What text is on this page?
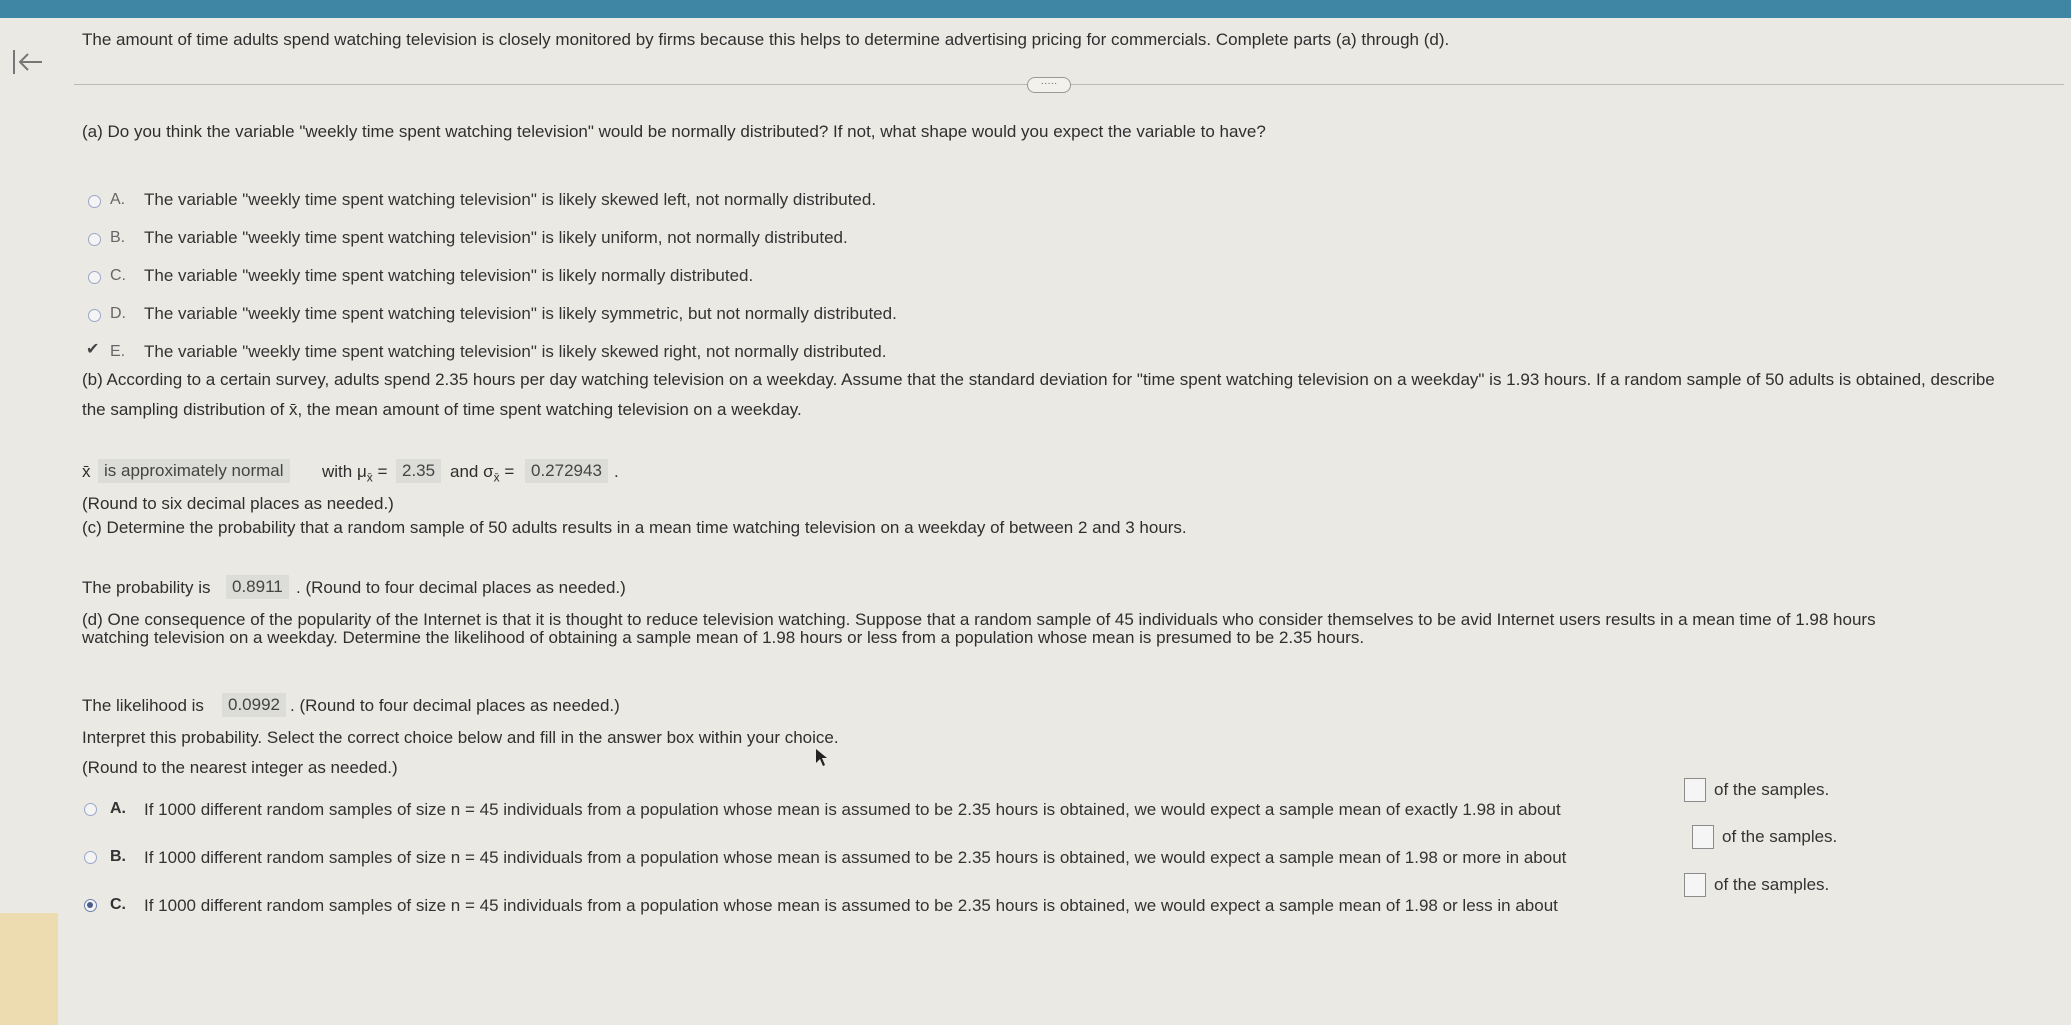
The amount of time adults spend watching television is closely monitored by firms because this helps to determine advertising pricing for commercials. Complete parts (a) through (d).
·····
(a) Do you think the variable "weekly time spent watching television" would be normally distributed? If not, what shape would you expect the variable to have?
A. The variable "weekly time spent watching television" is likely skewed left, not normally distributed.
B. The variable "weekly time spent watching television" is likely uniform, not normally distributed.
C. The variable "weekly time spent watching television" is likely normally distributed.
D. The variable "weekly time spent watching television" is likely symmetric, but not normally distributed.
✔ E. The variable "weekly time spent watching television" is likely skewed right, not normally distributed.
(b) According to a certain survey, adults spend 2.35 hours per day watching television on a weekday. Assume that the standard deviation for "time spent watching television on a weekday" is 1.93 hours. If a random sample of 50 adults is obtained, describe the sampling distribution of x̄, the mean amount of time spent watching television on a weekday.
x̄ is approximately normal	with $\mu_{x̄} = 2.35$ and $\sigma_{x̄} = 0.272943$ .
(Round to six decimal places as needed.)
(c) Determine the probability that a random sample of 50 adults results in a mean time watching television on a weekday of between 2 and 3 hours.
The probability is	0.8911 . (Round to four decimal places as needed.)
(d) One consequence of the popularity of the Internet is that it is thought to reduce television watching. Suppose that a random sample of 45 individuals who consider themselves to be avid Internet users results in a mean time of 1.98 hours
watching television on a weekday. Determine the likelihood of obtaining a sample mean of 1.98 hours or less from a population whose mean is presumed to be 2.35 hours.
The likelihood is	0.0992 . (Round to four decimal places as needed.)
Interpret this probability. Select the correct choice below and fill in the answer box within your choice.
(Round to the nearest integer as needed.)
A. If 1000 different random samples of size n = 45 individuals from a population whose mean is assumed to be 2.35 hours is obtained, we would expect a sample mean of exactly 1.98 in about
of the samples.
B. If 1000 different random samples of size n = 45 individuals from a population whose mean is assumed to be 2.35 hours is obtained, we would expect a sample mean of 1.98 or more in about
of the samples.
C. If 1000 different random samples of size n = 45 individuals from a population whose mean is assumed to be 2.35 hours is obtained, we would expect a sample mean of 1.98 or less in about
of the samples.
